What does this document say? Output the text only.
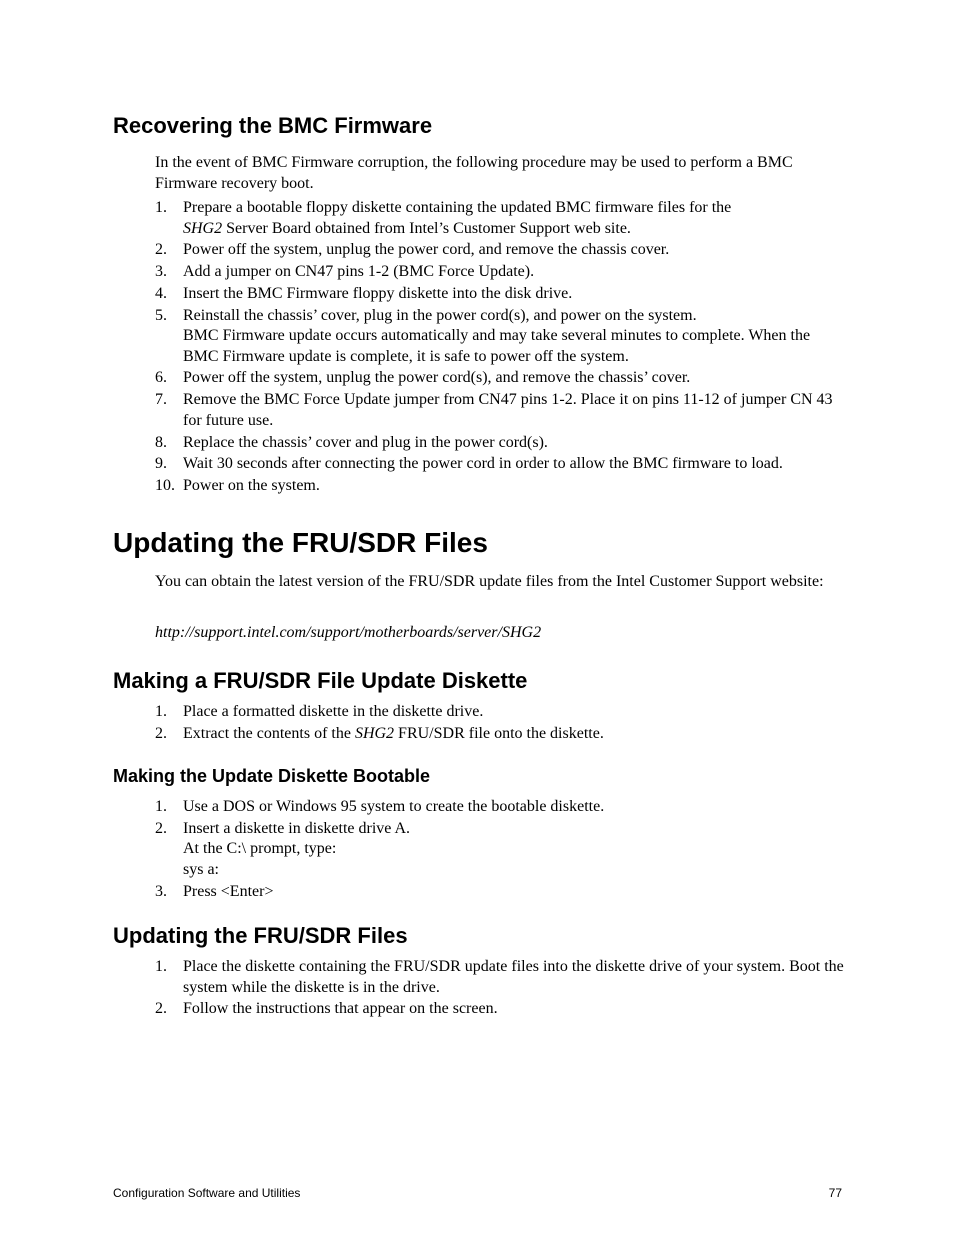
Recovering the BMC Firmware

In the event of BMC Firmware corruption, the following procedure may be used to perform a BMC Firmware recovery boot.

1.	Prepare a bootable floppy diskette containing the updated BMC firmware files for the
SHG2 Server Board obtained from Intel’s Customer Support web site.
2.	Power off the system, unplug the power cord, and remove the chassis cover.
3.	Add a jumper on CN47 pins 1-2 (BMC Force Update).
4.	Insert the BMC Firmware floppy diskette into the disk drive.
5.	Reinstall the chassis’ cover, plug in the power cord(s), and power on the system.
BMC Firmware update occurs automatically and may take several minutes to complete. When the BMC Firmware update is complete, it is safe to power off the system.
6.	Power off the system, unplug the power cord(s), and remove the chassis’ cover.
7.	Remove the BMC Force Update jumper from CN47 pins 1-2. Place it on pins 11-12 of jumper CN 43 for future use.
8.	Replace the chassis’ cover and plug in the power cord(s).
9.	Wait 30 seconds after connecting the power cord in order to allow the BMC firmware to load.
10. Power on the system.
Updating the FRU/SDR Files

You can obtain the latest version of the FRU/SDR update files from the Intel Customer Support website:

http://support.intel.com/support/motherboards/server/SHG2

Making a FRU/SDR File Update Diskette
1.	Place a formatted diskette in the diskette drive.
2.	Extract the contents of the SHG2 FRU/SDR file onto the diskette.
Making the Update Diskette Bootable
1.	Use a DOS or Windows 95 system to create the bootable diskette.
2.	Insert a diskette in diskette drive A.
At the C:\ prompt, type:
sys a:
3.	Press <Enter>
Updating the FRU/SDR Files
1.	Place the diskette containing the FRU/SDR update files into the diskette drive of your system. Boot the system while the diskette is in the drive.
2.	Follow the instructions that appear on the screen.
Configuration Software and Utilities	77
